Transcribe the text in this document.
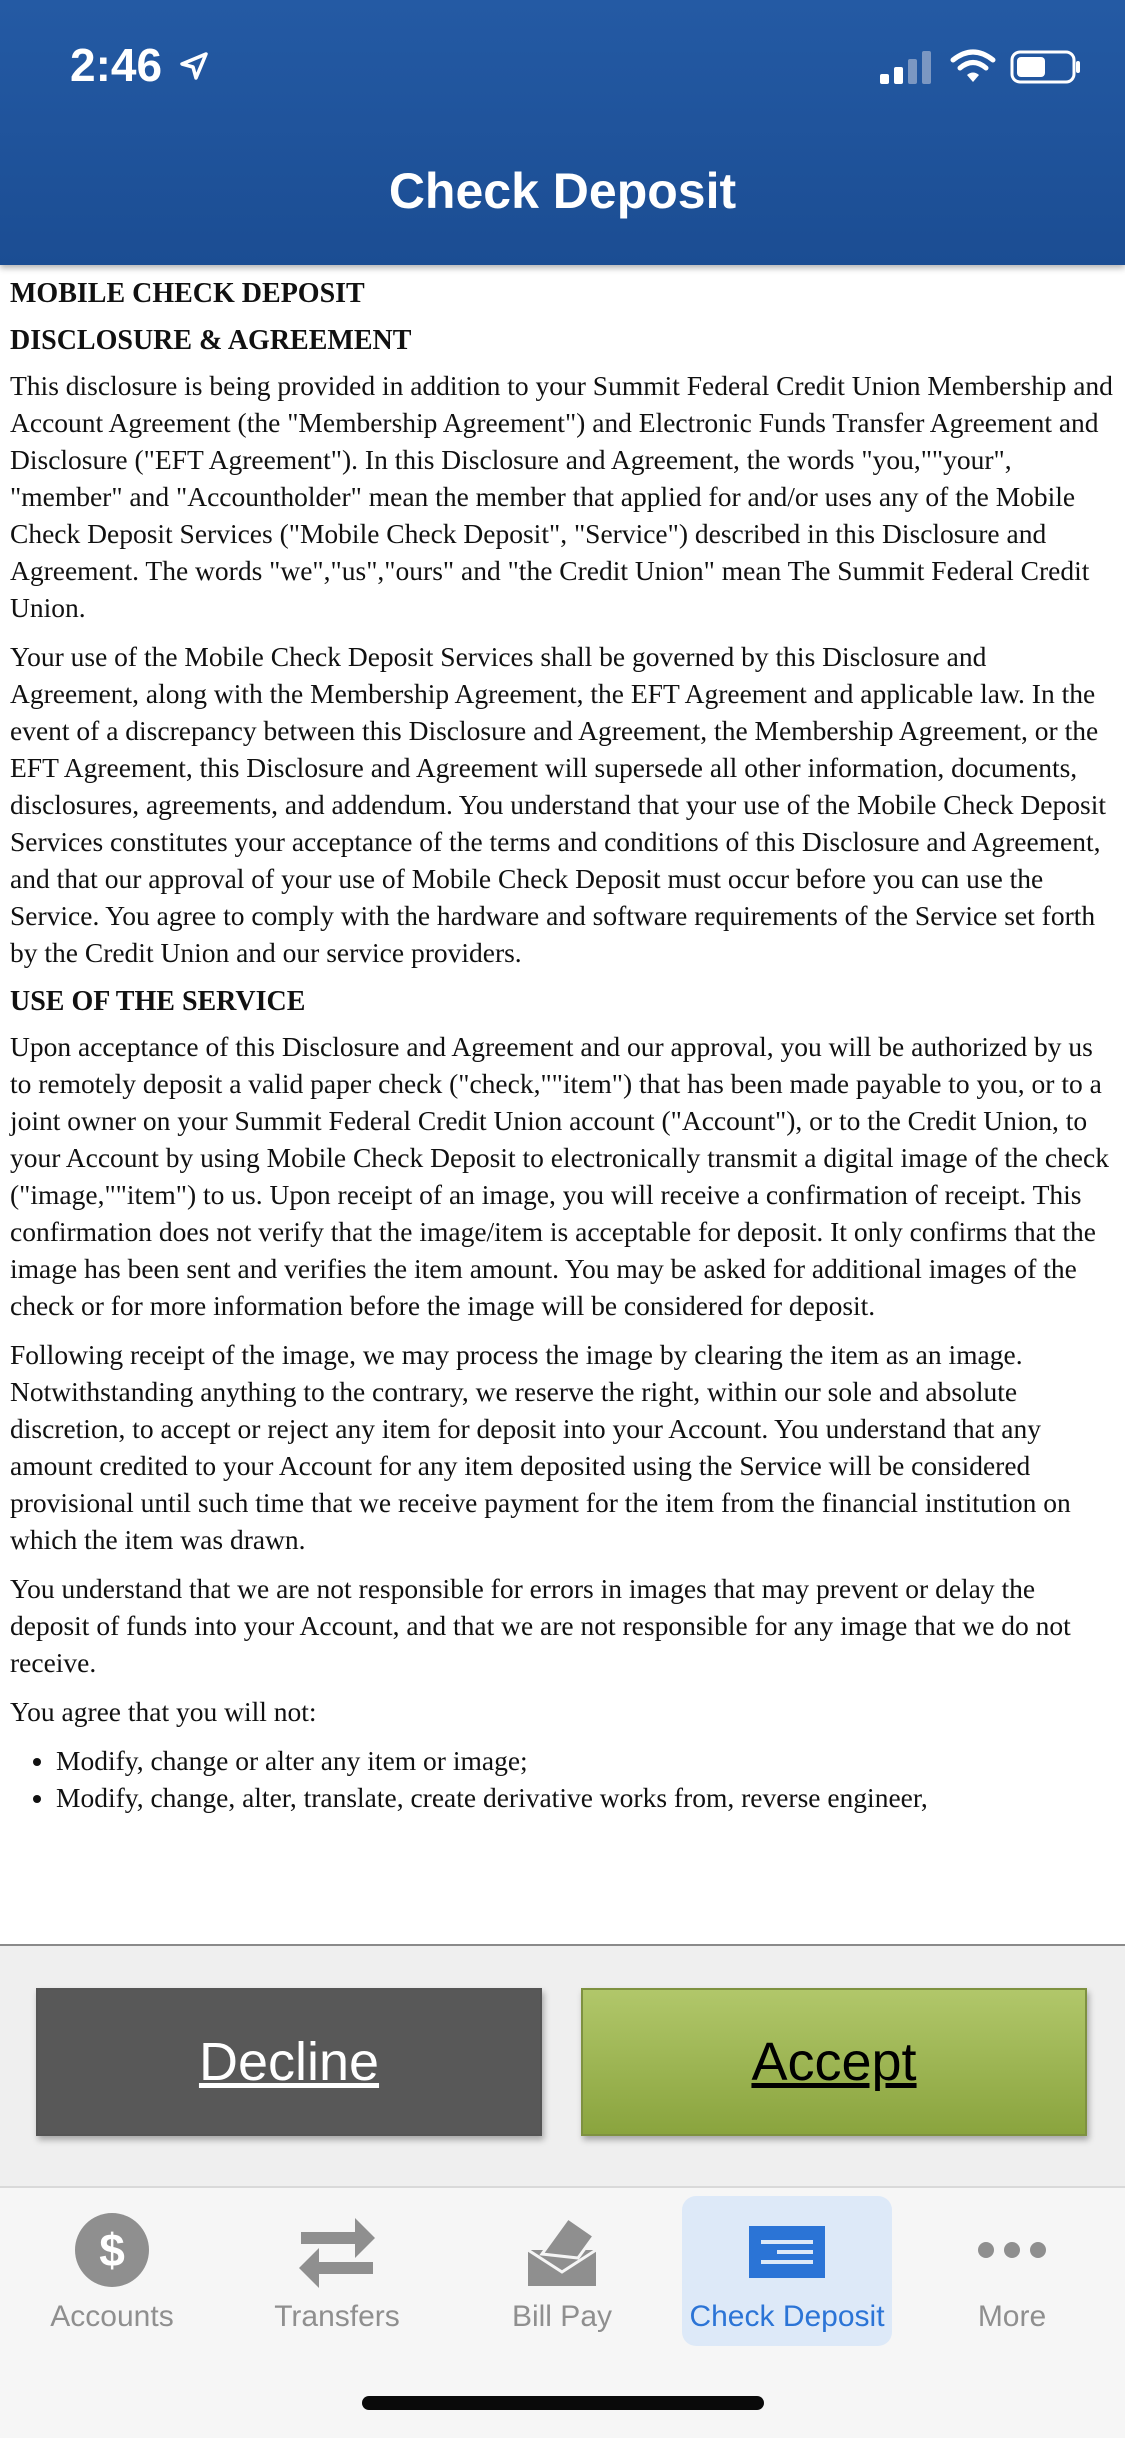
2:46
Check Deposit
MOBILE CHECK DEPOSIT
DISCLOSURE & AGREEMENT

This disclosure is being provided in addition to your Summit Federal Credit Union Membership and Account Agreement (the "Membership Agreement") and Electronic Funds Transfer Agreement and Disclosure ("EFT Agreement"). In this Disclosure and Agreement, the words "you,""your", "member" and "Accountholder" mean the member that applied for and/or uses any of the Mobile Check Deposit Services ("Mobile Check Deposit", "Service") described in this Disclosure and Agreement. The words "we","us","ours" and "the Credit Union" mean The Summit Federal Credit Union.

Your use of the Mobile Check Deposit Services shall be governed by this Disclosure and Agreement, along with the Membership Agreement, the EFT Agreement and applicable law. In the event of a discrepancy between this Disclosure and Agreement, the Membership Agreement, or the EFT Agreement, this Disclosure and Agreement will supersede all other information, documents, disclosures, agreements, and addendum. You understand that your use of the Mobile Check Deposit Services constitutes your acceptance of the terms and conditions of this Disclosure and Agreement, and that our approval of your use of Mobile Check Deposit must occur before you can use the Service. You agree to comply with the hardware and software requirements of the Service set forth by the Credit Union and our service providers.

USE OF THE SERVICE

Upon acceptance of this Disclosure and Agreement and our approval, you will be authorized by us to remotely deposit a valid paper check ("check,""item") that has been made payable to you, or to a joint owner on your Summit Federal Credit Union account ("Account"), or to the Credit Union, to your Account by using Mobile Check Deposit to electronically transmit a digital image of the check ("image,""item") to us. Upon receipt of an image, you will receive a confirmation of receipt. This confirmation does not verify that the image/item is acceptable for deposit. It only confirms that the image has been sent and verifies the item amount. You may be asked for additional images of the check or for more information before the image will be considered for deposit.

Following receipt of the image, we may process the image by clearing the item as an image. Notwithstanding anything to the contrary, we reserve the right, within our sole and absolute discretion, to accept or reject any item for deposit into your Account. You understand that any amount credited to your Account for any item deposited using the Service will be considered provisional until such time that we receive payment for the item from the financial institution on which the item was drawn.

You understand that we are not responsible for errors in images that may prevent or delay the deposit of funds into your Account, and that we are not responsible for any image that we do not receive.

You agree that you will not:

• Modify, change or alter any item or image;
• Modify, change, alter, translate, create derivative works from, reverse engineer,
Decline	Accept
$
Accounts	Transfers	Bill Pay	Check Deposit	More
